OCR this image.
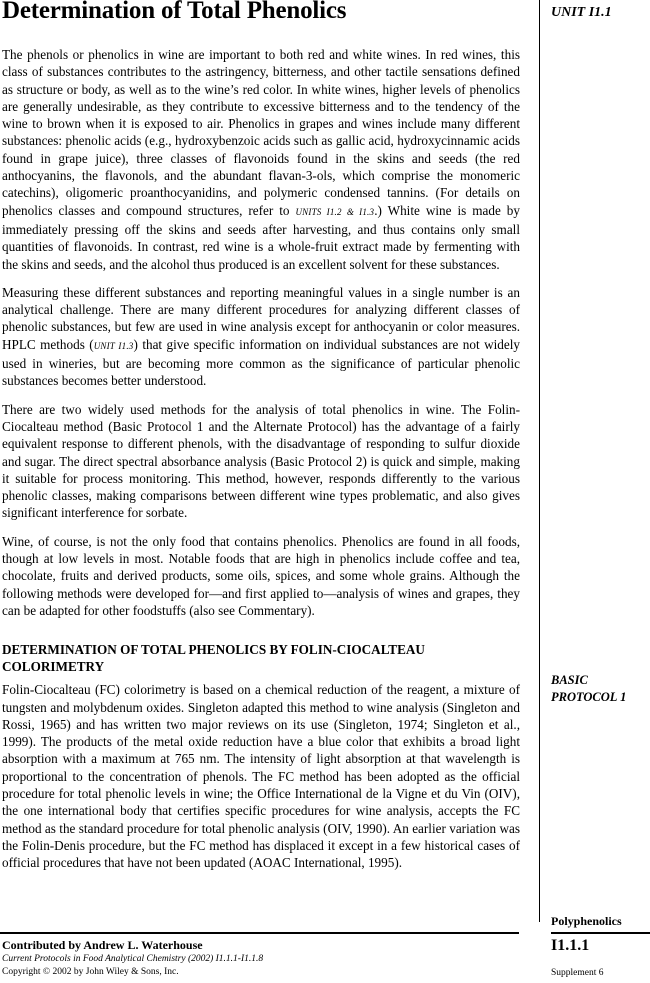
Determination of Total Phenolics	UNIT I1.1

The phenols or phenolics in wine are important to both red and white wines. In red wines, this class of substances contributes to the astringency, bitterness, and other tactile sensations defined as structure or body, as well as to the wine’s red color. In white wines, higher levels of phenolics are generally undesirable, as they contribute to excessive bitterness and to the tendency of the wine to brown when it is exposed to air. Phenolics in grapes and wines include many different substances: phenolic acids (e.g., hydroxybenzoic acids such as gallic acid, hydroxycinnamic acids found in grape juice), three classes of flavonoids found in the skins and seeds (the red anthocyanins, the flavonols, and the abundant flavan-3-ols, which comprise the monomeric catechins), oligomeric proanthocyanidins, and polymeric condensed tannins. (For details on phenolics classes and compound structures, refer to UNITS I1.2 & I1.3.) White wine is made by immediately pressing off the skins and seeds after harvesting, and thus contains only small quantities of flavonoids. In contrast, red wine is a whole-fruit extract made by fermenting with the skins and seeds, and the alcohol thus produced is an excellent solvent for these substances.

Measuring these different substances and reporting meaningful values in a single number is an analytical challenge. There are many different procedures for analyzing different classes of phenolic substances, but few are used in wine analysis except for anthocyanin or color measures. HPLC methods (UNIT I1.3) that give specific information on individual substances are not widely used in wineries, but are becoming more common as the significance of particular phenolic substances becomes better understood.

There are two widely used methods for the analysis of total phenolics in wine. The Folin-Ciocalteau method (Basic Protocol 1 and the Alternate Protocol) has the advantage of a fairly equivalent response to different phenols, with the disadvantage of responding to sulfur dioxide and sugar. The direct spectral absorbance analysis (Basic Protocol 2) is quick and simple, making it suitable for process monitoring. This method, however, responds differently to the various phenolic classes, making comparisons between different wine types problematic, and also gives significant interference for sorbate.

Wine, of course, is not the only food that contains phenolics. Phenolics are found in all foods, though at low levels in most. Notable foods that are high in phenolics include coffee and tea, chocolate, fruits and derived products, some oils, spices, and some whole grains. Although the following methods were developed for—and first applied to—analysis of wines and grapes, they can be adapted for other foodstuffs (also see Commentary).

DETERMINATION OF TOTAL PHENOLICS BY FOLIN-CIOCALTEAU COLORIMETRY

Folin-Ciocalteau (FC) colorimetry is based on a chemical reduction of the reagent, a mixture of tungsten and molybdenum oxides. Singleton adapted this method to wine analysis (Singleton and Rossi, 1965) and has written two major reviews on its use (Singleton, 1974; Singleton et al., 1999). The products of the metal oxide reduction have a blue color that exhibits a broad light absorption with a maximum at 765 nm. The intensity of light absorption at that wavelength is proportional to the concentration of phenols. The FC method has been adopted as the official procedure for total phenolic levels in wine; the Office International de la Vigne et du Vin (OIV), the one international body that certifies specific procedures for wine analysis, accepts the FC method as the standard procedure for total phenolic analysis (OIV, 1990). An earlier variation was the Folin-Denis procedure, but the FC method has displaced it except in a few historical cases of official procedures that have not been updated (AOAC International, 1995).

BASIC
PROTOCOL 1
Polyphenolics
Contributed by Andrew L. Waterhouse
Current Protocols in Food Analytical Chemistry (2002) I1.1.1-I1.1.8
Copyright © 2002 by John Wiley & Sons, Inc.
I1.1.1
Supplement 6
